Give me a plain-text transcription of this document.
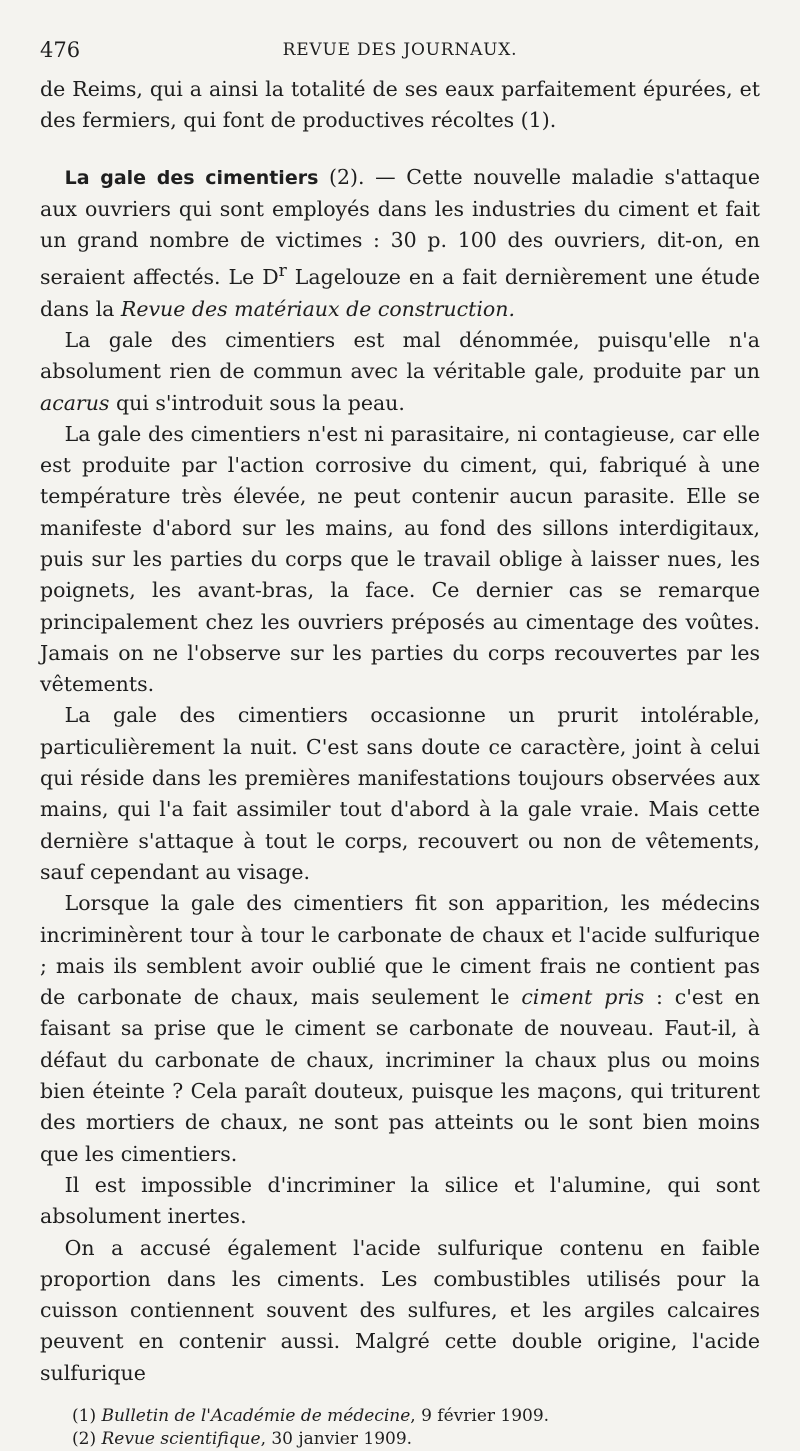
476	REVUE DES JOURNAUX.

de Reims, qui a ainsi la totalité de ses eaux parfaitement épurées, et des fermiers, qui font de productives récoltes (1).

La gale des cimentiers (2). — Cette nouvelle maladie s'attaque aux ouvriers qui sont employés dans les industries du ciment et fait un grand nombre de victimes : 30 p. 100 des ouvriers, dit-on, en seraient affectés. Le $D^r$ Lagelouze en a fait dernièrement une étude dans la Revue des matériaux de construction.

La gale des cimentiers est mal dénommée, puisqu'elle n'a absolument rien de commun avec la véritable gale, produite par un acarus qui s'introduit sous la peau.

La gale des cimentiers n'est ni parasitaire, ni contagieuse, car elle est produite par l'action corrosive du ciment, qui, fabriqué à une température très élevée, ne peut contenir aucun parasite. Elle se manifeste d'abord sur les mains, au fond des sillons interdigitaux, puis sur les parties du corps que le travail oblige à laisser nues, les poignets, les avant-bras, la face. Ce dernier cas se remarque principalement chez les ouvriers préposés au cimentage des voûtes. Jamais on ne l'observe sur les parties du corps recouvertes par les vêtements.

La gale des cimentiers occasionne un prurit intolérable, particulièrement la nuit. C'est sans doute ce caractère, joint à celui qui réside dans les premières manifestations toujours observées aux mains, qui l'a fait assimiler tout d'abord à la gale vraie. Mais cette dernière s'attaque à tout le corps, recouvert ou non de vêtements, sauf cependant au visage.

Lorsque la gale des cimentiers fit son apparition, les médecins incriminèrent tour à tour le carbonate de chaux et l'acide sulfurique ; mais ils semblent avoir oublié que le ciment frais ne contient pas de carbonate de chaux, mais seulement le ciment pris : c'est en faisant sa prise que le ciment se carbonate de nouveau. Faut-il, à défaut du carbonate de chaux, incriminer la chaux plus ou moins bien éteinte ? Cela paraît douteux, puisque les maçons, qui triturent des mortiers de chaux, ne sont pas atteints ou le sont bien moins que les cimentiers.

Il est impossible d'incriminer la silice et l'alumine, qui sont absolument inertes.

On a accusé également l'acide sulfurique contenu en faible proportion dans les ciments. Les combustibles utilisés pour la cuisson contiennent souvent des sulfures, et les argiles calcaires peuvent en contenir aussi. Malgré cette double origine, l'acide sulfurique

(1) Bulletin de l'Académie de médecine, 9 février 1909.
(2) Revue scientifique, 30 janvier 1909.
